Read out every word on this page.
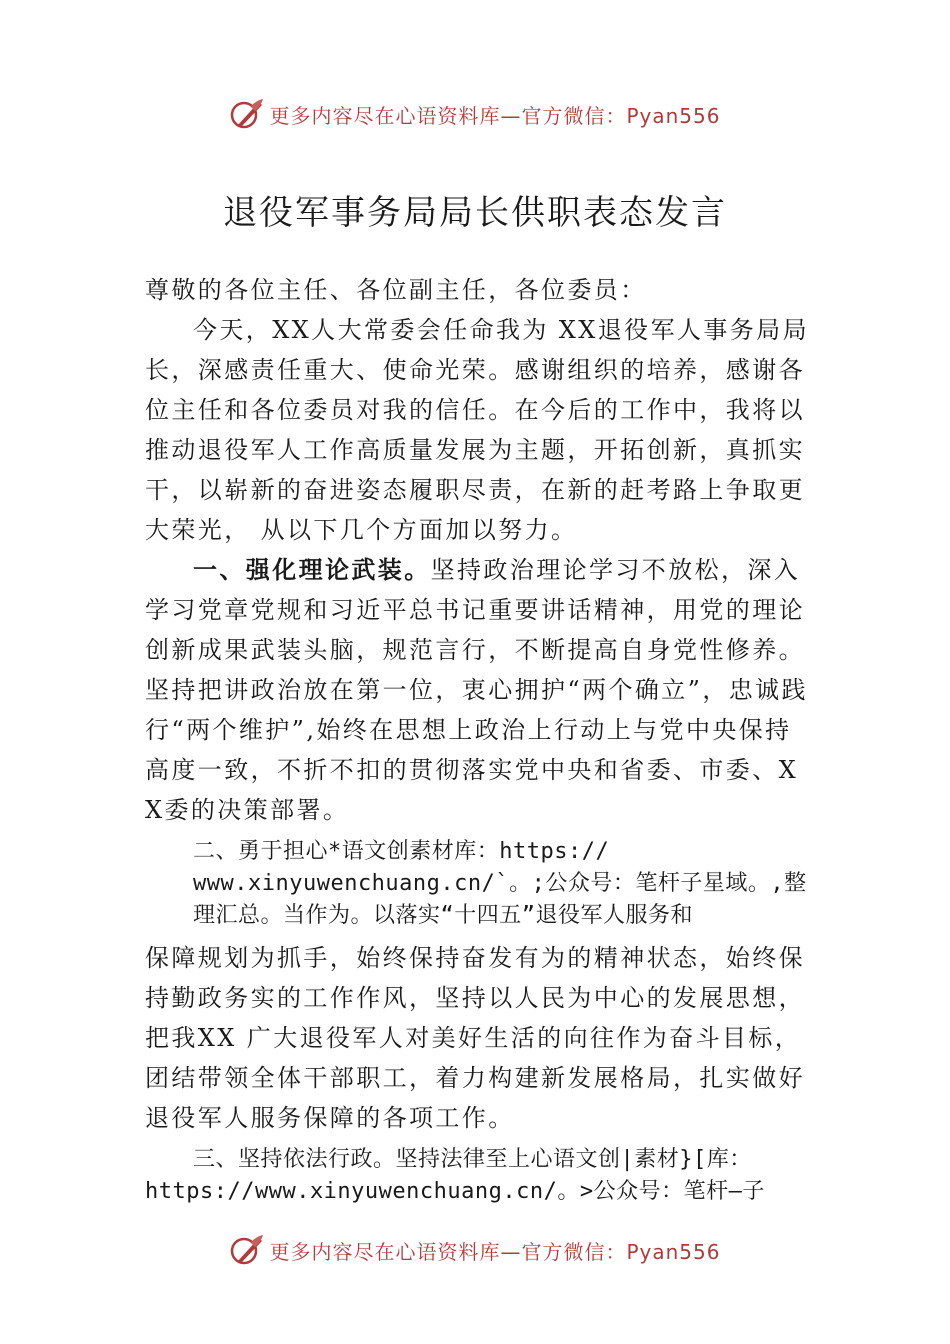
更多内容尽在心语资料库—官方微信：Pyan556
退役军事务局局长供职表态发言

尊敬的各位主任、各位副主任，各位委员：

今天，XX人大常委会任命我为 XX退役军人事务局局长，深感责任重大、使命光荣。感谢组织的培养，感谢各位主任和各位委员对我的信任。在今后的工作中，我将以推动退役军人工作高质量发展为主题，开拓创新，真抓实干，以崭新的奋进姿态履职尽责，在新的赶考路上争取更大荣光， 从以下几个方面加以努力。

一、强化理论武装。坚持政治理论学习不放松，深入学习党章党规和习近平总书记重要讲话精神，用党的理论创新成果武装头脑，规范言行，不断提高自身党性修养。坚持把讲政治放在第一位，衷心拥护“两个确立”，忠诚践行“两个维护”,始终在思想上政治上行动上与党中央保持高度一致，不折不扣的贯彻落实党中央和省委、市委、XX委的决策部署。

二、勇于担心*语文创素材库：https://
www.xinyuwenchuang.cn/`。;公众号：笔杆子星域。,整
理汇总。当作为。以落实“十四五”退役军人服务和

保障规划为抓手，始终保持奋发有为的精神状态，始终保持勤政务实的工作作风，坚持以人民为中心的发展思想，把我XX 广大退役军人对美好生活的向往作为奋斗目标，团结带领全体干部职工，着力构建新发展格局，扎实做好退役军人服务保障的各项工作。

三、坚持依法行政。坚持法律至上心语文创|素材}[库：
https://www.xinyuwenchuang.cn/。>公众号：笔杆—子
更多内容尽在心语资料库—官方微信：Pyan556
